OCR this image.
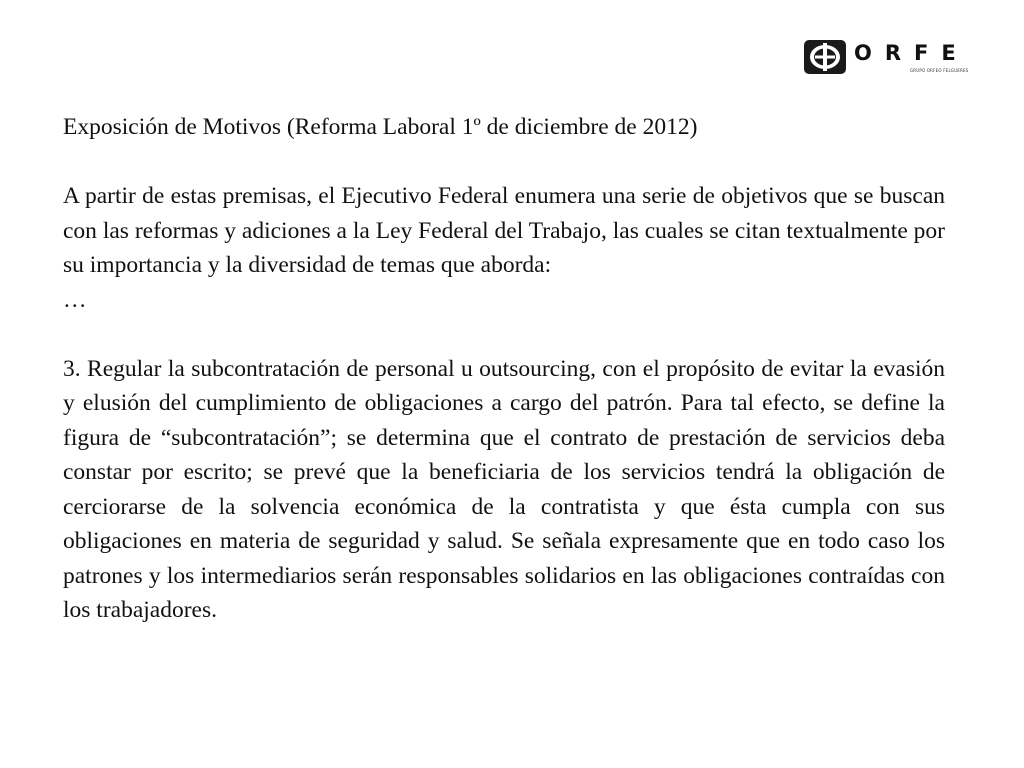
ORFE
GRUPO ORFEO FELGUERES

Exposición de Motivos (Reforma Laboral 1º de diciembre de 2012)

A partir de estas premisas, el Ejecutivo Federal enumera una serie de objetivos que se buscan con las reformas y adiciones a la Ley Federal del Trabajo, las cuales se citan textualmente por su importancia y la diversidad de temas que aborda:

…

3. Regular la subcontratación de personal u outsourcing, con el propósito de evitar la evasión y elusión del cumplimiento de obligaciones a cargo del patrón. Para tal efecto, se define la figura de “subcontratación”; se determina que el contrato de prestación de servicios deba constar por escrito; se prevé que la beneficiaria de los servicios tendrá la obligación de cerciorarse de la solvencia económica de la contratista y que ésta cumpla con sus obligaciones en materia de seguridad y salud. Se señala expresamente que en todo caso los patrones y los intermediarios serán responsables solidarios en las obligaciones contraídas con los trabajadores.
